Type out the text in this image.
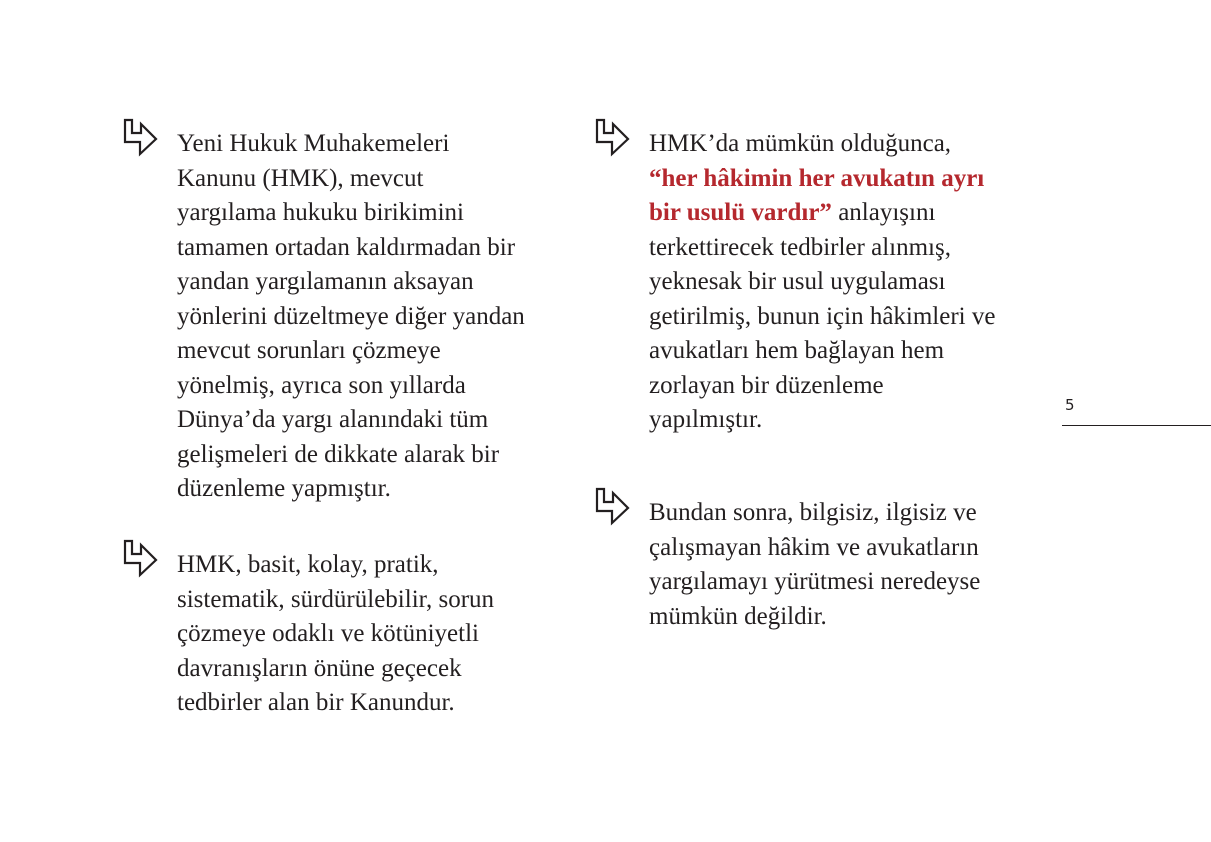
Yeni Hukuk Muhakemeleri
Kanunu (HMK), mevcut
yargılama hukuku birikimini
tamamen ortadan kaldırmadan bir
yandan yargılamanın aksayan
yönlerini düzeltmeye diğer yandan
mevcut sorunları çözmeye
yönelmiş, ayrıca son yıllarda
Dünya’da yargı alanındaki tüm
gelişmeleri de dikkate alarak bir
düzenleme yapmıştır.
HMK, basit, kolay, pratik,
sistematik, sürdürülebilir, sorun
çözmeye odaklı ve kötüniyetli
davranışların önüne geçecek
tedbirler alan bir Kanundur.
HMK’da mümkün olduğunca,
“her hâkimin her avukatın ayrı
bir usulü vardır” anlayışını
terkettirecek tedbirler alınmış,
yeknesak bir usul uygulaması
getirilmiş, bunun için hâkimleri ve
avukatları hem bağlayan hem
zorlayan bir düzenleme
yapılmıştır.
Bundan sonra, bilgisiz, ilgisiz ve
çalışmayan hâkim ve avukatların
yargılamayı yürütmesi neredeyse
mümkün değildir.
5
